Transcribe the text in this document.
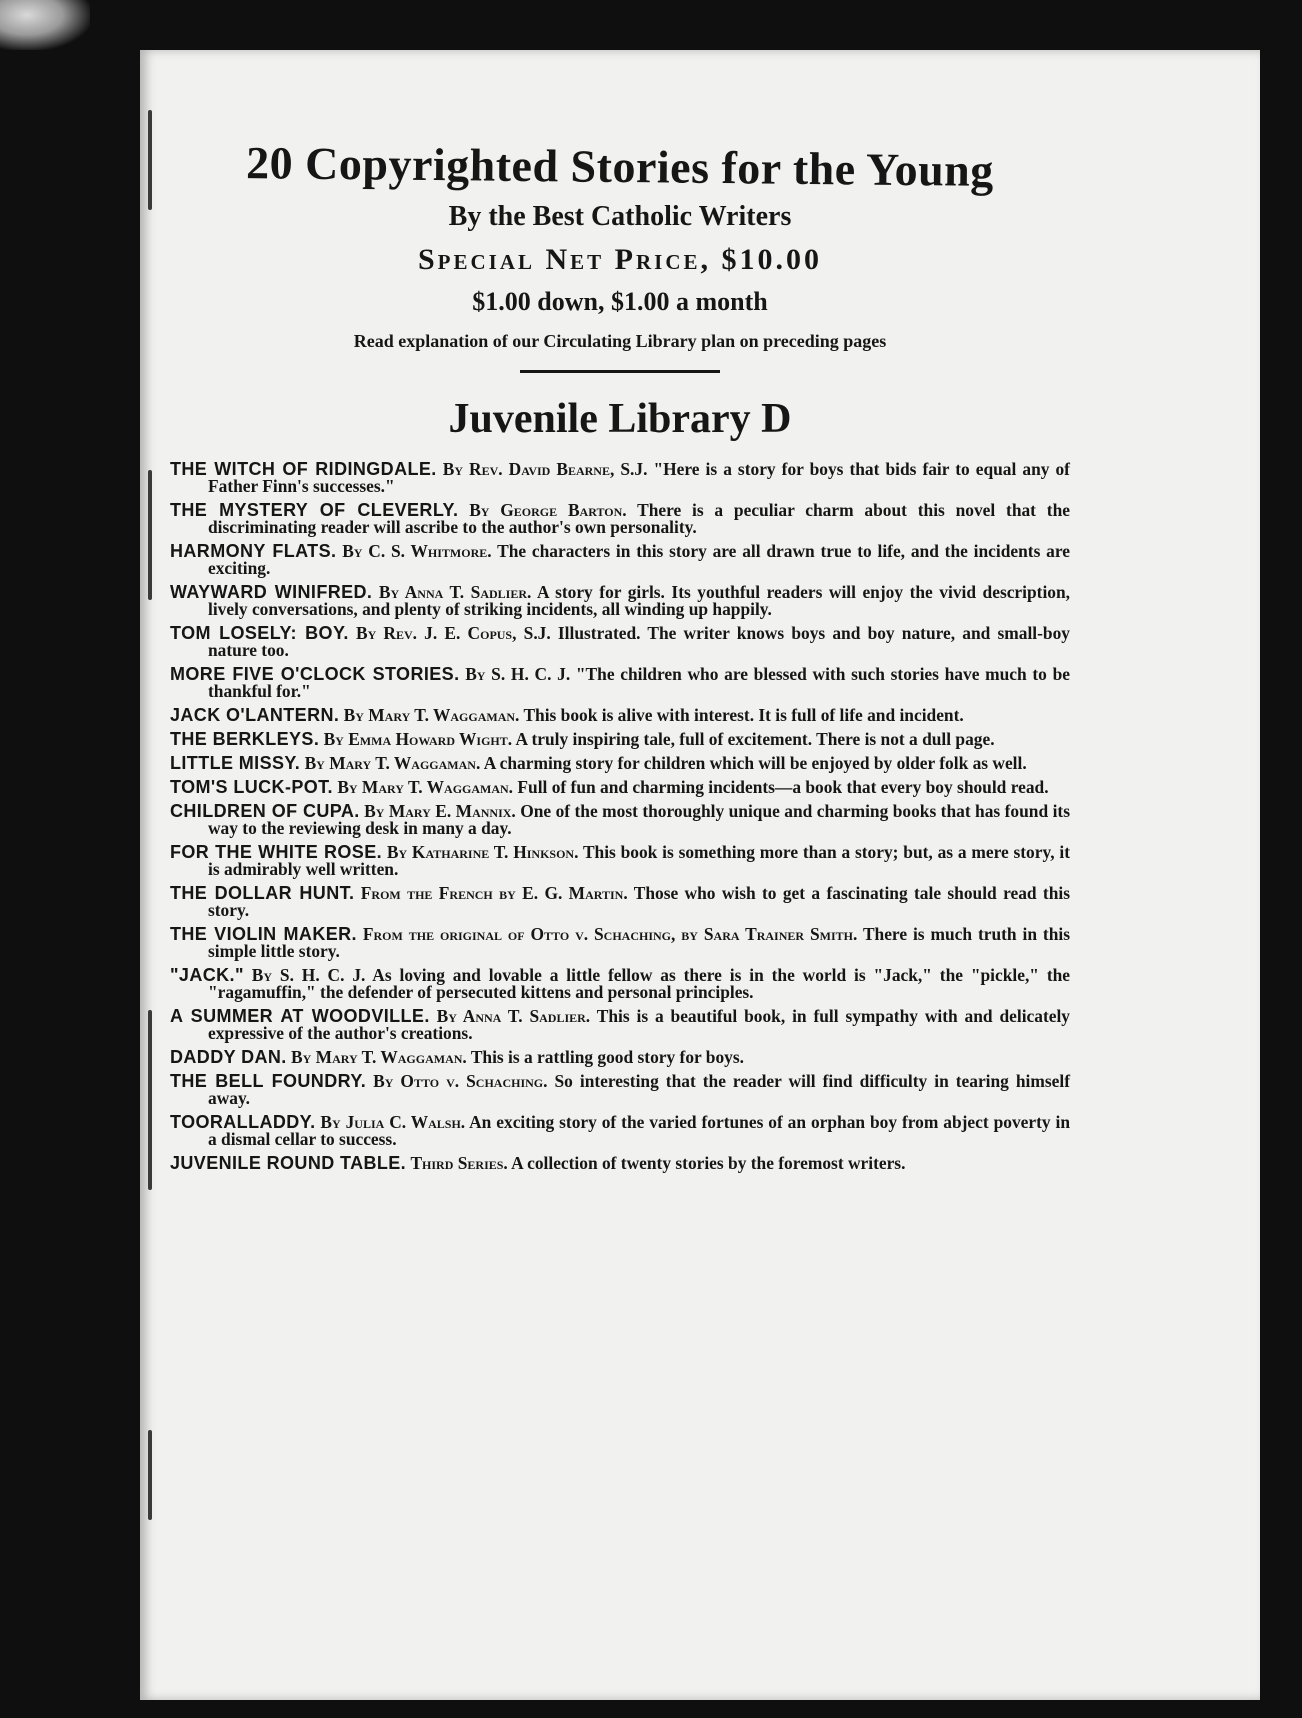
20 Copyrighted Stories for the Young
By the Best Catholic Writers
Special Net Price, $10.00
$1.00 down, $1.00 a month
Read explanation of our Circulating Library plan on preceding pages
Juvenile Library D
THE WITCH OF RIDINGDALE. By Rev. David Bearne, S.J. "Here is a story for boys that bids fair to equal any of Father Finn's successes."
THE MYSTERY OF CLEVERLY. By George Barton. There is a peculiar charm about this novel that the discriminating reader will ascribe to the author's own personality.
HARMONY FLATS. By C. S. Whitmore. The characters in this story are all drawn true to life, and the incidents are exciting.
WAYWARD WINIFRED. By Anna T. Sadlier. A story for girls. Its youthful readers will enjoy the vivid description, lively conversations, and plenty of striking incidents, all winding up happily.
TOM LOSELY: BOY. By Rev. J. E. Copus, S.J. Illustrated. The writer knows boys and boy nature, and small-boy nature too.
MORE FIVE O'CLOCK STORIES. By S. H. C. J. "The children who are blessed with such stories have much to be thankful for."
JACK O'LANTERN. By Mary T. Waggaman. This book is alive with interest. It is full of life and incident.
THE BERKLEYS. By Emma Howard Wight. A truly inspiring tale, full of excitement. There is not a dull page.
LITTLE MISSY. By Mary T. Waggaman. A charming story for children which will be enjoyed by older folk as well.
TOM'S LUCK-POT. By Mary T. Waggaman. Full of fun and charming incidents—a book that every boy should read.
CHILDREN OF CUPA. By Mary E. Mannix. One of the most thoroughly unique and charming books that has found its way to the reviewing desk in many a day.
FOR THE WHITE ROSE. By Katharine T. Hinkson. This book is something more than a story; but, as a mere story, it is admirably well written.
THE DOLLAR HUNT. From the French by E. G. Martin. Those who wish to get a fascinating tale should read this story.
THE VIOLIN MAKER. From the original of Otto v. Schaching, by Sara Trainer Smith. There is much truth in this simple little story.
"JACK." By S. H. C. J. As loving and lovable a little fellow as there is in the world is "Jack," the "pickle," the "ragamuffin," the defender of persecuted kittens and personal principles.
A SUMMER AT WOODVILLE. By Anna T. Sadlier. This is a beautiful book, in full sympathy with and delicately expressive of the author's creations.
DADDY DAN. By Mary T. Waggaman. This is a rattling good story for boys.
THE BELL FOUNDRY. By Otto v. Schaching. So interesting that the reader will find difficulty in tearing himself away.
TOORALLADDY. By Julia C. Walsh. An exciting story of the varied fortunes of an orphan boy from abject poverty in a dismal cellar to success.
JUVENILE ROUND TABLE. Third Series. A collection of twenty stories by the foremost writers.
